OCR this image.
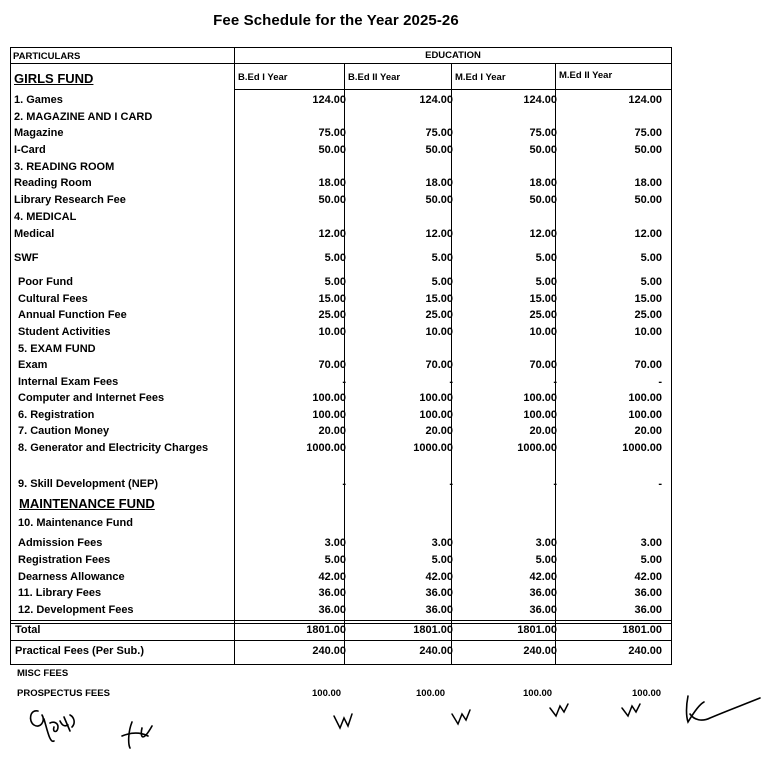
Fee Schedule for the Year 2025-26
PARTICULARS	EDUCATION
GIRLS FUND	B.Ed I Year	B.Ed II Year	M.Ed I Year	M.Ed II Year
1. Games	124.00	124.00	124.00	124.00
2. MAGAZINE AND I CARD
Magazine	75.00	75.00	75.00	75.00
I-Card	50.00	50.00	50.00	50.00
3. READING ROOM
Reading Room	18.00	18.00	18.00	18.00
Library Research Fee	50.00	50.00	50.00	50.00
4. MEDICAL
Medical	12.00	12.00	12.00	12.00
SWF	5.00	5.00	5.00	5.00
Poor Fund	5.00	5.00	5.00	5.00
Cultural Fees	15.00	15.00	15.00	15.00
Annual Function Fee	25.00	25.00	25.00	25.00
Student Activities	10.00	10.00	10.00	10.00
5. EXAM FUND
Exam	70.00	70.00	70.00	70.00
Internal Exam Fees	-	-	-	-
Computer and Internet Fees	100.00	100.00	100.00	100.00
6. Registration	100.00	100.00	100.00	100.00
7. Caution Money	20.00	20.00	20.00	20.00
8. Generator and Electricity Charges	1000.00	1000.00	1000.00	1000.00
9. Skill Development (NEP)	-	-	-	-
10. Maintenance Fund
Admission Fees	3.00	3.00	3.00	3.00
Registration Fees	5.00	5.00	5.00	5.00
Dearness Allowance	42.00	42.00	42.00	42.00
11. Library Fees	36.00	36.00	36.00	36.00
12. Development Fees	36.00	36.00	36.00	36.00
Total	1801.00	1801.00	1801.00	1801.00
Practical Fees (Per Sub.)	240.00	240.00	240.00	240.00
MAINTENANCE FUND
MISC FEES
PROSPECTUS FEES	100.00	100.00	100.00	100.00
